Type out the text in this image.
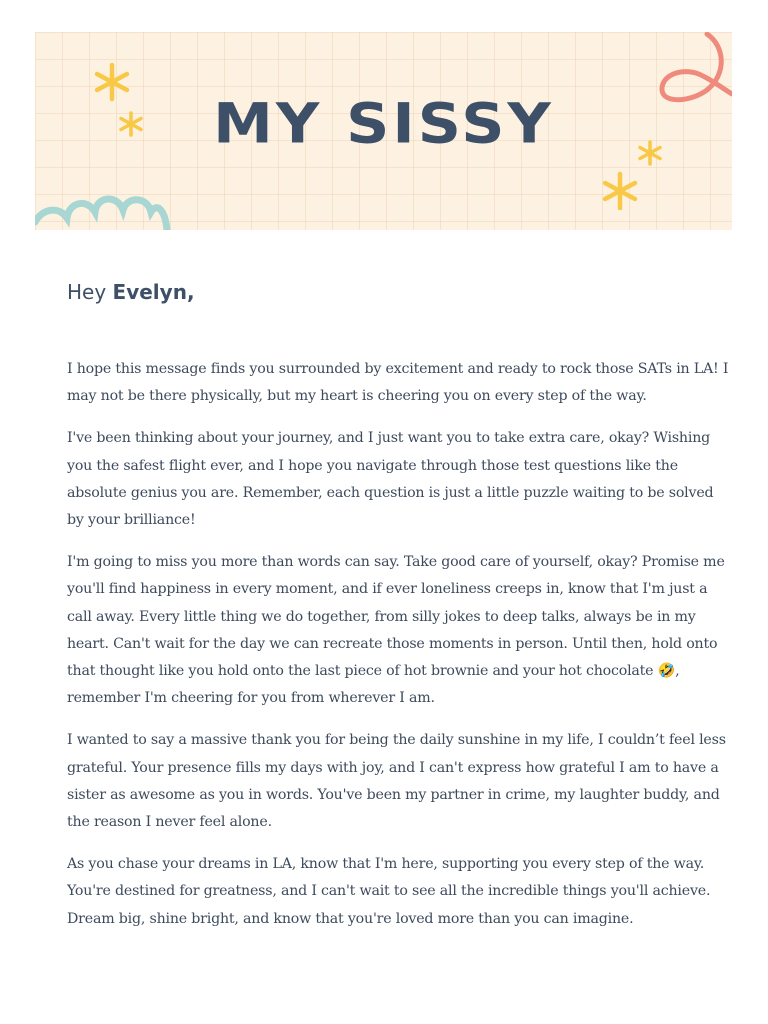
MY SISSY

Hey Evelyn,

I hope this message finds you surrounded by excitement and ready to rock those SATs in LA! I may not be there physically, but my heart is cheering you on every step of the way.

I've been thinking about your journey, and I just want you to take extra care, okay? Wishing you the safest flight ever, and I hope you navigate through those test questions like the absolute genius you are. Remember, each question is just a little puzzle waiting to be solved by your brilliance!

I'm going to miss you more than words can say. Take good care of yourself, okay? Promise me you'll find happiness in every moment, and if ever loneliness creeps in, know that I'm just a call away. Every little thing we do together, from silly jokes to deep talks, always be in my heart. Can't wait for the day we can recreate those moments in person. Until then, hold onto that thought like you hold onto the last piece of hot brownie and your hot chocolate 🤣, remember I'm cheering for you from wherever I am.

I wanted to say a massive thank you for being the daily sunshine in my life, I couldn’t feel less grateful. Your presence fills my days with joy, and I can't express how grateful I am to have a sister as awesome as you in words. You've been my partner in crime, my laughter buddy, and the reason I never feel alone.

As you chase your dreams in LA, know that I'm here, supporting you every step of the way. You're destined for greatness, and I can't wait to see all the incredible things you'll achieve. Dream big, shine bright, and know that you're loved more than you can imagine.
